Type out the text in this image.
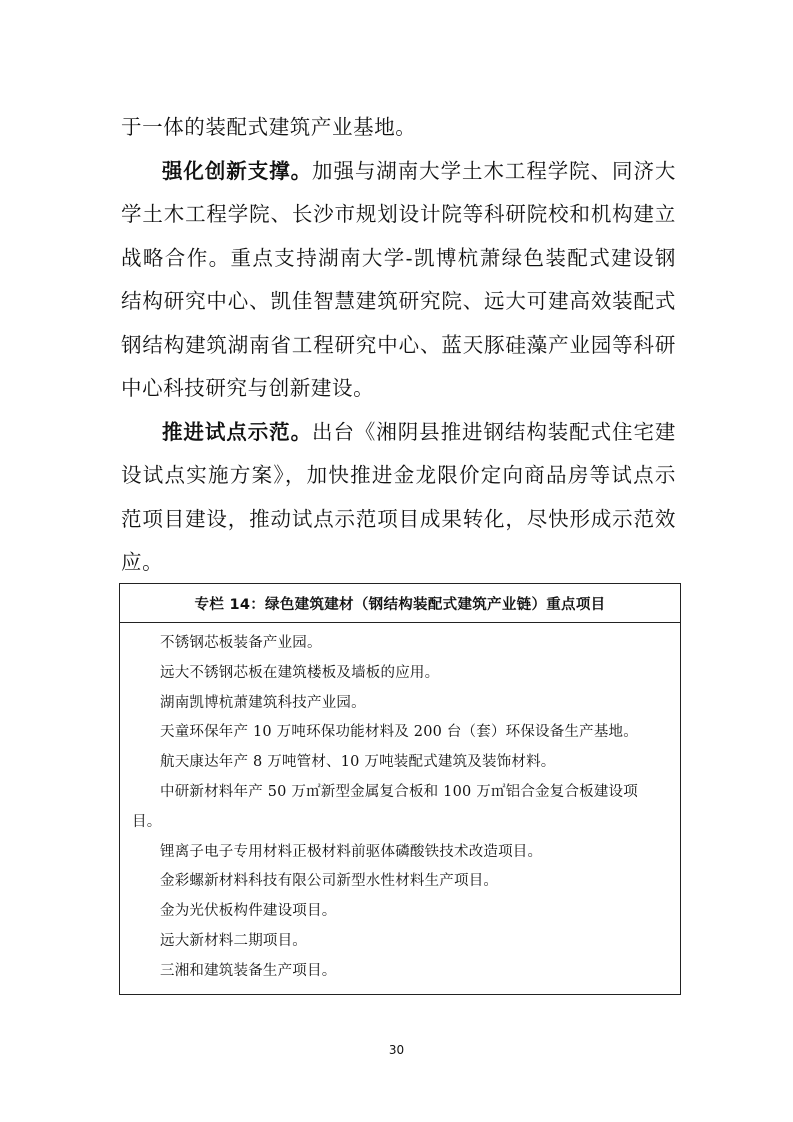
于一体的装配式建筑产业基地。

强化创新支撑。加强与湖南大学土木工程学院、同济大学土木工程学院、长沙市规划设计院等科研院校和机构建立战略合作。重点支持湖南大学-凯博杭萧绿色装配式建设钢结构研究中心、凯佳智慧建筑研究院、远大可建高效装配式钢结构建筑湖南省工程研究中心、蓝天豚硅藻产业园等科研中心科技研究与创新建设。

推进试点示范。出台《湘阴县推进钢结构装配式住宅建设试点实施方案》，加快推进金龙限价定向商品房等试点示范项目建设，推动试点示范项目成果转化，尽快形成示范效应。

专栏 14：绿色建筑建材（钢结构装配式建筑产业链）重点项目
不锈钢芯板装备产业园。
远大不锈钢芯板在建筑楼板及墙板的应用。
湖南凯博杭萧建筑科技产业园。
天童环保年产 10 万吨环保功能材料及 200 台（套）环保设备生产基地。
航天康达年产 8 万吨管材、10 万吨装配式建筑及装饰材料。
中研新材料年产 50 万㎡新型金属复合板和 100 万㎡铝合金复合板建设项
目。
锂离子电子专用材料正极材料前驱体磷酸铁技术改造项目。
金彩螺新材料科技有限公司新型水性材料生产项目。
金为光伏板构件建设项目。
远大新材料二期项目。
三湘和建筑装备生产项目。
30
